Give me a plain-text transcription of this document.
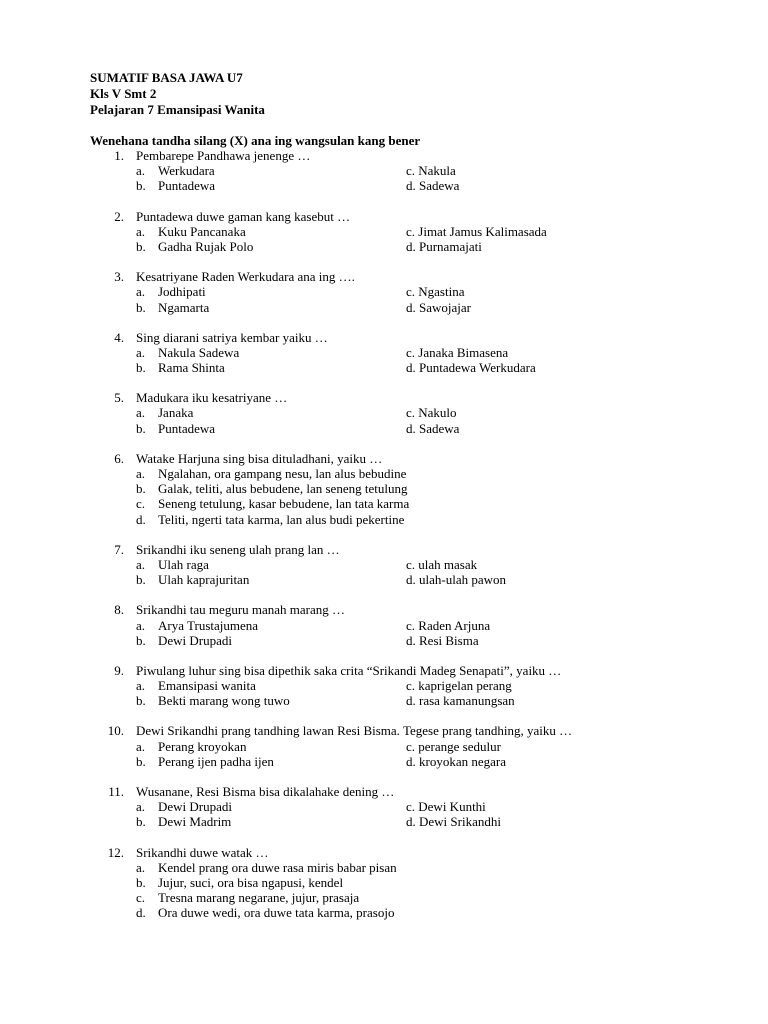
SUMATIF BASA JAWA U7
Kls V Smt 2
Pelajaran 7 Emansipasi Wanita
Wenehana tandha silang (X) ana ing wangsulan kang bener
1. Pembarepe Pandhawa jenenge …
a. Werkudara	c. Nakula
b. Puntadewa	d. Sadewa
2. Puntadewa duwe gaman kang kasebut …
a. Kuku Pancanaka	c. Jimat Jamus Kalimasada
b. Gadha Rujak Polo	d. Purnamajati
3. Kesatriyane Raden Werkudara ana ing ….
a. Jodhipati	c. Ngastina
b. Ngamarta	d. Sawojajar
4. Sing diarani satriya kembar yaiku …
a. Nakula Sadewa	c. Janaka Bimasena
b. Rama Shinta	d. Puntadewa Werkudara
5. Madukara iku kesatriyane …
a. Janaka	c. Nakulo
b. Puntadewa	d. Sadewa
6. Watake Harjuna sing bisa dituladhani, yaiku …
a. Ngalahan, ora gampang nesu, lan alus bebudine
b. Galak, teliti, alus bebudene, lan seneng tetulung
c. Seneng tetulung, kasar bebudene, lan tata karma
d. Teliti, ngerti tata karma, lan alus budi pekertine
7. Srikandhi iku seneng ulah prang lan …
a. Ulah raga	c. ulah masak
b. Ulah kaprajuritan	d. ulah-ulah pawon
8. Srikandhi tau meguru manah marang …
a. Arya Trustajumena	c. Raden Arjuna
b. Dewi Drupadi	d. Resi Bisma
9. Piwulang luhur sing bisa dipethik saka crita “Srikandi Madeg Senapati”, yaiku …
a. Emansipasi wanita	c. kaprigelan perang
b. Bekti marang wong tuwo	d. rasa kamanungsan
10. Dewi Srikandhi prang tandhing lawan Resi Bisma. Tegese prang tandhing, yaiku …
a. Perang kroyokan	c. perange sedulur
b. Perang ijen padha ijen	d. kroyokan negara
11. Wusanane, Resi Bisma bisa dikalahake dening …
a. Dewi Drupadi	c. Dewi Kunthi
b. Dewi Madrim	d. Dewi Srikandhi
12. Srikandhi duwe watak …
a. Kendel prang ora duwe rasa miris babar pisan
b. Jujur, suci, ora bisa ngapusi, kendel
c. Tresna marang negarane, jujur, prasaja
d. Ora duwe wedi, ora duwe tata karma, prasojo
